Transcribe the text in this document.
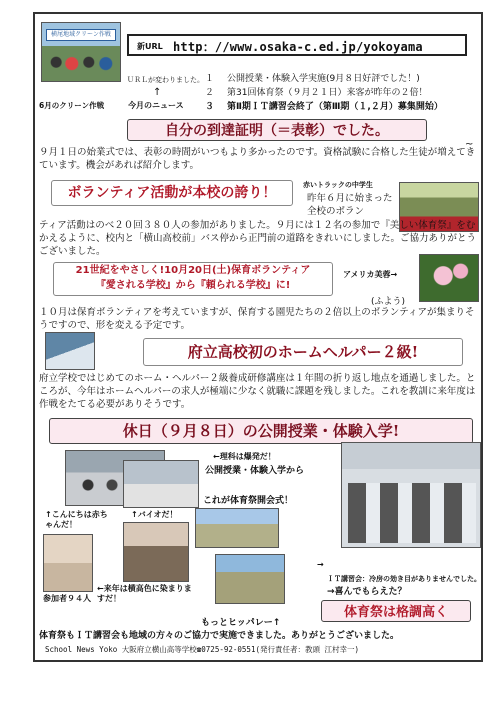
横尾地域クリーン作戦
新URL http：//www.osaka-c.ed.jp/yokoyama
ＵＲＬが変わりました。
↑
6月のクリーン作戦	今月のニュース
１	公開授業・体験入学実施(9月８日好評でした！)
２	第31回体育祭（９月２１日）来客が昨年の２倍！
３	第Ⅱ期ＩＴ講習会終了（第Ⅲ期（１,２月）募集開始）
自分の到達証明（＝表彰）でした。
~
９月１日の始業式では、表彰の時間がいつもより多かったのです。資格試験に合格した生徒が増えてきています。機会があれば紹介します。
ボランティア活動が本校の誇り！	赤いトラックの中学生
昨年６月に始まった全校のボラン
ティア活動はのべ２０回３８０人の参加がありました。９月には１２名の参加で『美しい体育祭』をむかえるように、校内と「横山高校前」バス停から正門前の道路をきれいにしました。ご協力ありがとうございました。
21世紀をやさしく!10月20日(土)保育ボランティア
『愛される学校』から『頼られる学校』に!
アメリカ美蓉→
(ふよう)
１０月は保育ボランティアを考えていますが、保育する園児たちの２倍以上のボランティアが集まりそうですので、形を変える予定です。
府立高校初のホームヘルパー２級!
府立学校ではじめてのホーム・ヘルパー２級養成研修講座は１年間の折り返し地点を通過しました。ところが、今年はホームヘルパーの求人が極端に少なく就職に課題を残しました。これを教訓に来年度は作戦をたてる必要がありそうです。
休日（９月８日）の公開授業・体験入学!
←理科は爆発だ！
公開授業・体験入学から
↑こんにちは赤ちゃんだ！
↑バイオだ！
これが体育祭開会式！
参加者９４人
←来年は横高色に染まりますだ！
→
ＩＴ講習会：冷房の効き目がありませんでした。
→喜んでもらえた？
体育祭は格調高く
もっとヒッパレー↑
体育祭もＩＴ講習会も地域の方々のご協力で実施できました。ありがとうございました。
School News Yoko 大阪府立横山高等学校☎0725-92-0551(発行責任者：教頭 江村幸一)
